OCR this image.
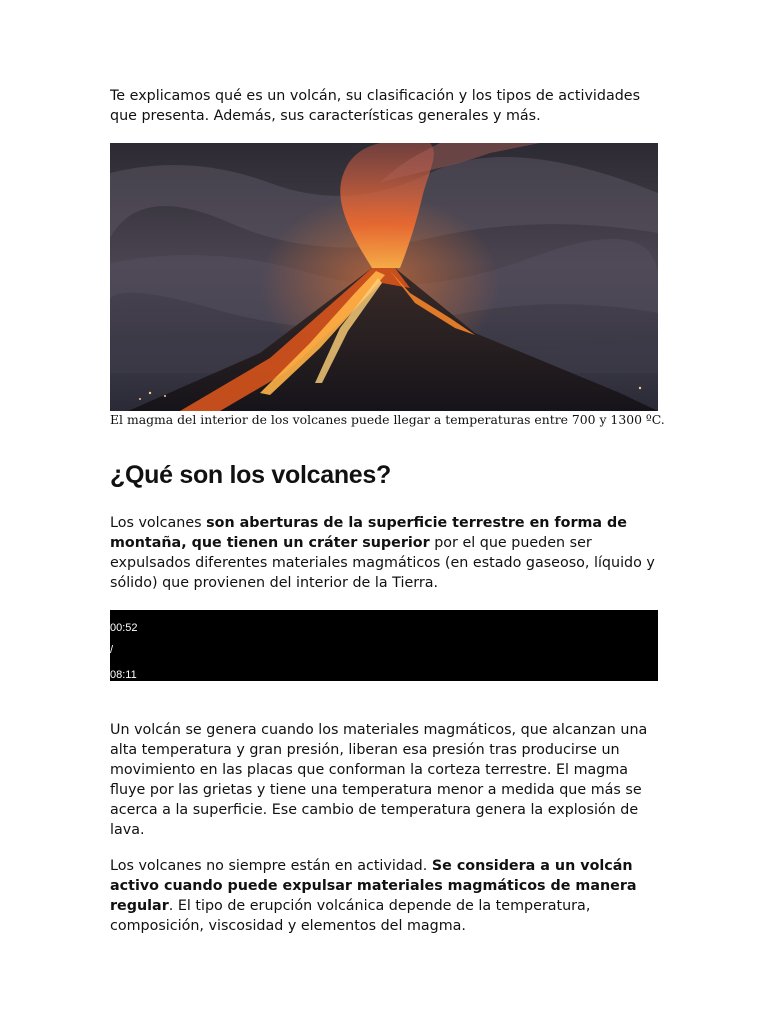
Te explicamos qué es un volcán, su clasificación y los tipos de actividades que presenta. Además, sus características generales y más.

El magma del interior de los volcanes puede llegar a temperaturas entre 700 y 1300 ºC.

¿Qué son los volcanes?

Los volcanes son aberturas de la superficie terrestre en forma de montaña, que tienen un cráter superior por el que pueden ser expulsados diferentes materiales magmáticos (en estado gaseoso, líquido y sólido) que provienen del interior de la Tierra.

00:52
/
08:11

Un volcán se genera cuando los materiales magmáticos, que alcanzan una alta temperatura y gran presión, liberan esa presión tras producirse un movimiento en las placas que conforman la corteza terrestre. El magma fluye por las grietas y tiene una temperatura menor a medida que más se acerca a la superficie. Ese cambio de temperatura genera la explosión de lava.

Los volcanes no siempre están en actividad. Se considera a un volcán activo cuando puede expulsar materiales magmáticos de manera regular. El tipo de erupción volcánica depende de la temperatura, composición, viscosidad y elementos del magma.
